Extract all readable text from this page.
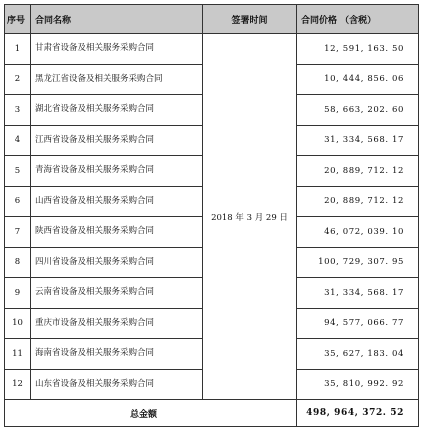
序号	合同名称	签署时间	合同价格 （含税）
1	甘肃省设备及相关服务采购合同	2018 年 3 月 29 日	12, 591, 163. 50
2	黑龙江省设备及相关服务采购合同		10, 444, 856. 06
3	湖北省设备及相关服务采购合同		58, 663, 202. 60
4	江西省设备及相关服务采购合同		31, 334, 568. 17
5	青海省设备及相关服务采购合同		20, 889, 712. 12
6	山西省设备及相关服务采购合同		20, 889, 712. 12
7	陕西省设备及相关服务采购合同		46, 072, 039. 10
8	四川省设备及相关服务采购合同		100, 729, 307. 95
9	云南省设备及相关服务采购合同		31, 334, 568. 17
10	重庆市设备及相关服务采购合同		94, 577, 066. 77
11	海南省设备及相关服务采购合同		35, 627, 183. 04
12	山东省设备及相关服务采购合同		35, 810, 992. 92
总金额			498, 964, 372. 52
